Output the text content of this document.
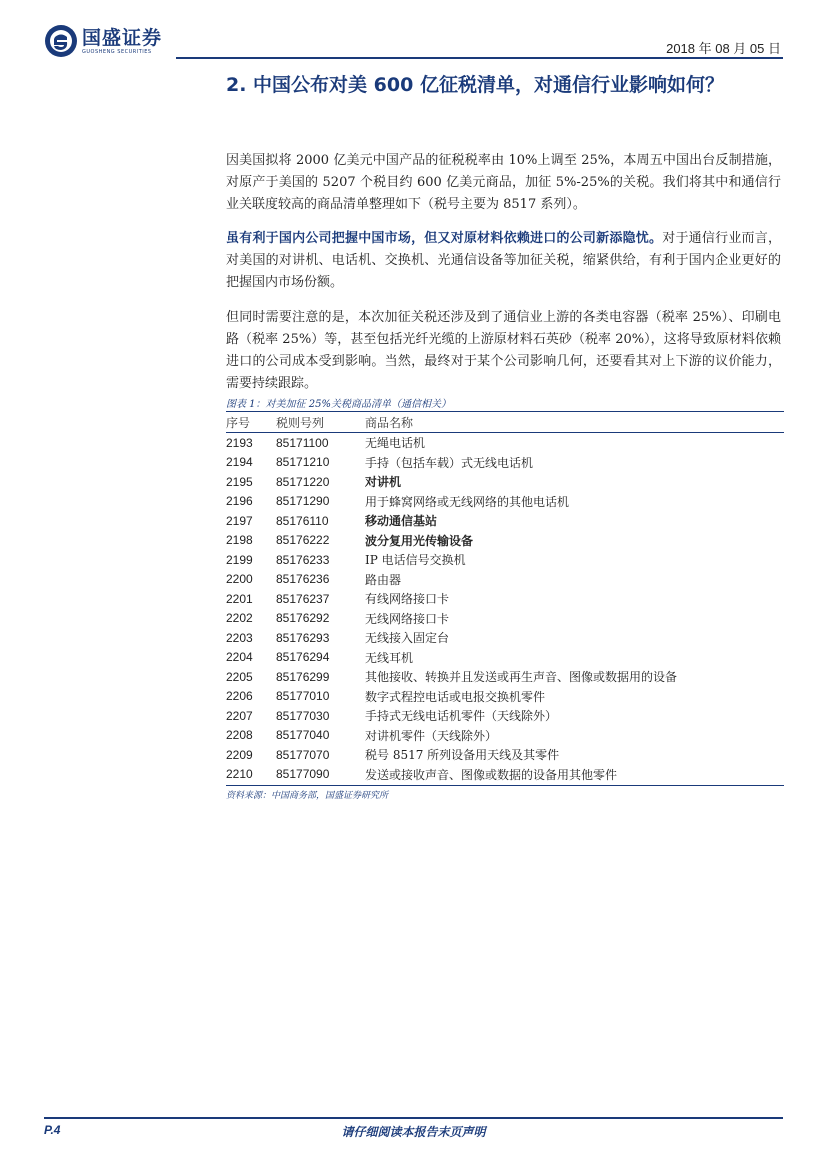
国盛证券
GUOSHENG SECURITIES	2018 年 08 月 05 日
2. 中国公布对美 600 亿征税清单，对通信行业影响如何？

因美国拟将 2000 亿美元中国产品的征税税率由 10%上调至 25%，本周五中国出台反制措施，对原产于美国的 5207 个税目约 600 亿美元商品，加征 5%-25%的关税。我们将其中和通信行业关联度较高的商品清单整理如下（税号主要为 8517 系列）。

虽有利于国内公司把握中国市场，但又对原材料依赖进口的公司新添隐忧。对于通信行业而言，对美国的对讲机、电话机、交换机、光通信设备等加征关税，缩紧供给，有利于国内企业更好的把握国内市场份额。

但同时需要注意的是，本次加征关税还涉及到了通信业上游的各类电容器（税率 25%）、印刷电路（税率 25%）等，甚至包括光纤光缆的上游原材料石英砂（税率 20%），这将导致原材料依赖进口的公司成本受到影响。当然，最终对于某个公司影响几何，还要看其对上下游的议价能力，需要持续跟踪。

图表 1：对美加征 25%关税商品清单（通信相关）
序号	税则号列	商品名称
2193	85171100	无绳电话机
2194	85171210	手持（包括车载）式无线电话机
2195	85171220	对讲机
2196	85171290	用于蜂窝网络或无线网络的其他电话机
2197	85176110	移动通信基站
2198	85176222	波分复用光传输设备
2199	85176233	IP 电话信号交换机
2200	85176236	路由器
2201	85176237	有线网络接口卡
2202	85176292	无线网络接口卡
2203	85176293	无线接入固定台
2204	85176294	无线耳机
2205	85176299	其他接收、转换并且发送或再生声音、图像或数据用的设备
2206	85177010	数字式程控电话或电报交换机零件
2207	85177030	手持式无线电话机零件（天线除外）
2208	85177040	对讲机零件（天线除外）
2209	85177070	税号 8517 所列设备用天线及其零件
2210	85177090	发送或接收声音、图像或数据的设备用其他零件
资料来源：中国商务部，国盛证券研究所
P.4	请仔细阅读本报告末页声明
